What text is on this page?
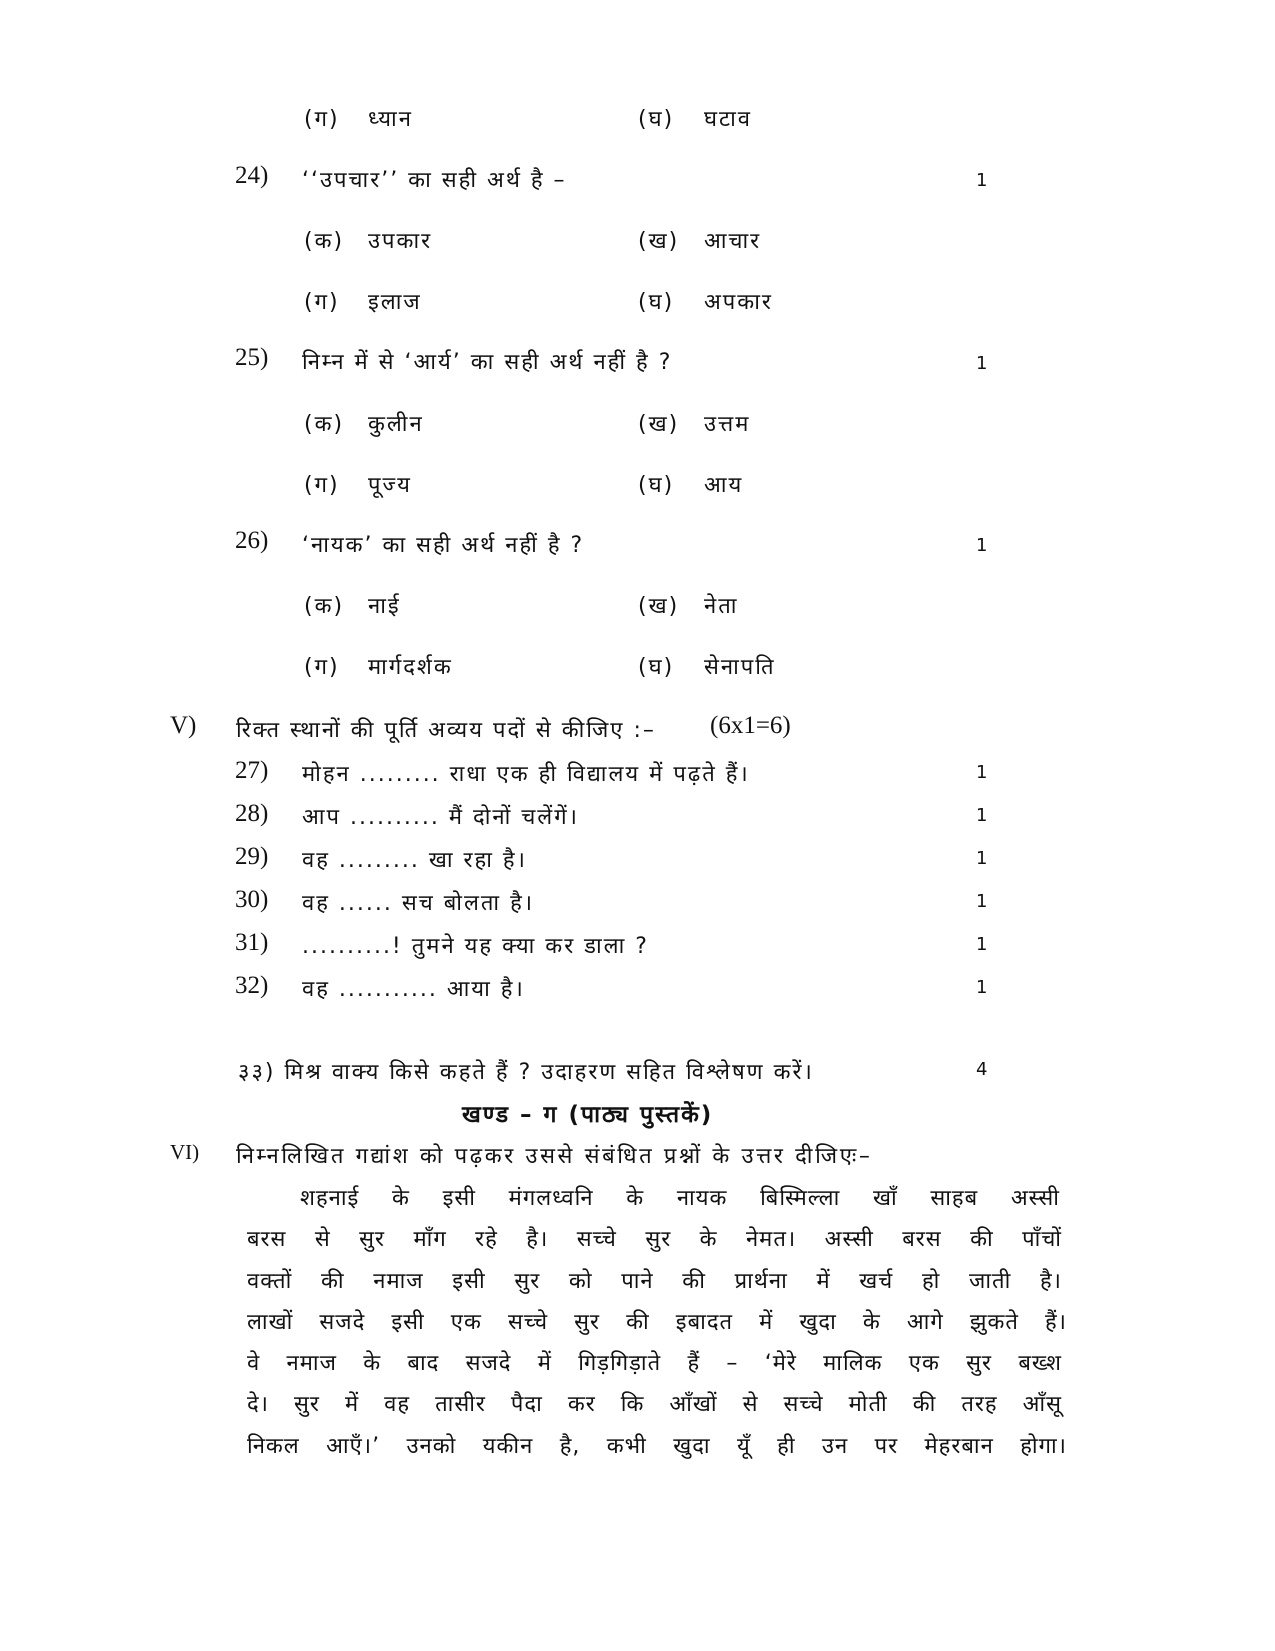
(ग) ध्यान	(घ) घटाव
24) ‘‘उपचार’’ का सही अर्थ है –	1
(क) उपकार	(ख) आचार
(ग) इलाज	(घ) अपकार
25) निम्न में से ‘आर्य’ का सही अर्थ नहीं है ?	1
(क) कुलीन	(ख) उत्तम
(ग) पूज्य	(घ) आय
26) ‘नायक’ का सही अर्थ नहीं है ?	1
(क) नाई	(ख) नेता
(ग) मार्गदर्शक	(घ) सेनापति
V) रिक्त स्थानों की पूर्ति अव्यय पदों से कीजिए :– (6x1=6)
27) मोहन ......... राधा एक ही विद्यालय में पढ़ते हैं।	1
28) आप .......... मैं दोनों चलेंगें।	1
29) वह ......... खा रहा है।	1
30) वह ...... सच बोलता है।	1
31) ..........! तुमने यह क्या कर डाला ?	1
32) वह ........... आया है।	1
३३) मिश्र वाक्य किसे कहते हैं ? उदाहरण सहित विश्लेषण करें।	4
खण्ड – ग (पाठ्य पुस्तकें)
VI) निम्नलिखित गद्यांश को पढ़कर उससे संबंधित प्रश्नों के उत्तर दीजिएः–
शहनाई के इसी मंगलध्वनि के नायक बिस्मिल्ला खाँ साहब अस्सी
बरस से सुर माँग रहे है। सच्चे सुर के नेमत। अस्सी बरस की पाँचों
वक्तों की नमाज इसी सुर को पाने की प्रार्थना में खर्च हो जाती है।
लाखों सजदे इसी एक सच्चे सुर की इबादत में खुदा के आगे झुकते हैं।
वे नमाज के बाद सजदे में गिड़गिड़ाते हैं – ‘मेरे मालिक एक सुर बख्श
दे। सुर में वह तासीर पैदा कर कि आँखों से सच्चे मोती की तरह आँसू
निकल आएँ।’ उनको यकीन है, कभी खुदा यूँ ही उन पर मेहरबान होगा।
